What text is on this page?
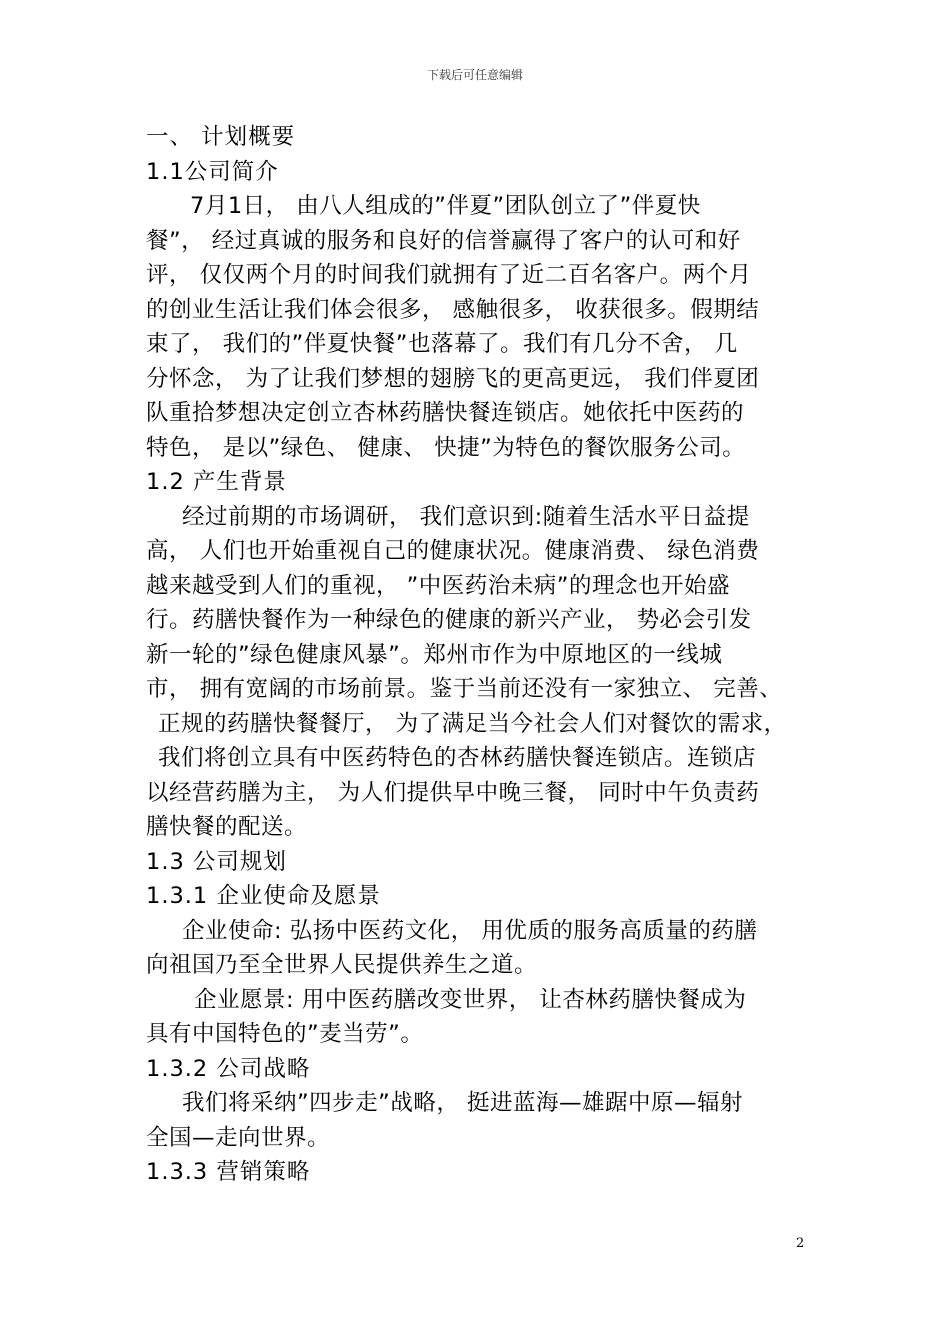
下载后可任意编辑
一、 计划概要
1.1公司简介
7月1日， 由八人组成的”伴夏”团队创立了”伴夏快
餐”， 经过真诚的服务和良好的信誉赢得了客户的认可和好
评， 仅仅两个月的时间我们就拥有了近二百名客户。两个月
的创业生活让我们体会很多， 感触很多， 收获很多。假期结
束了， 我们的”伴夏快餐”也落幕了。我们有几分不舍， 几
分怀念， 为了让我们梦想的翅膀飞的更高更远， 我们伴夏团
队重拾梦想决定创立杏林药膳快餐连锁店。她依托中医药的
特色， 是以”绿色、 健康、 快捷”为特色的餐饮服务公司。
1.2 产生背景
经过前期的市场调研， 我们意识到:随着生活水平日益提
高， 人们也开始重视自己的健康状况。健康消费、 绿色消费
越来越受到人们的重视， ”中医药治未病”的理念也开始盛
行。药膳快餐作为一种绿色的健康的新兴产业， 势必会引发
新一轮的”绿色健康风暴”。郑州市作为中原地区的一线城
市， 拥有宽阔的市场前景。鉴于当前还没有一家独立、 完善、
正规的药膳快餐餐厅， 为了满足当今社会人们对餐饮的需求，
我们将创立具有中医药特色的杏林药膳快餐连锁店。连锁店
以经营药膳为主， 为人们提供早中晚三餐， 同时中午负责药
膳快餐的配送。
1.3 公司规划
1.3.1 企业使命及愿景
企业使命: 弘扬中医药文化， 用优质的服务高质量的药膳
向祖国乃至全世界人民提供养生之道。
企业愿景: 用中医药膳改变世界， 让杏林药膳快餐成为
具有中国特色的”麦当劳”。
1.3.2 公司战略
我们将采纳”四步走”战略， 挺进蓝海—雄踞中原—辐射
全国—走向世界。
1.3.3 营销策略
2
